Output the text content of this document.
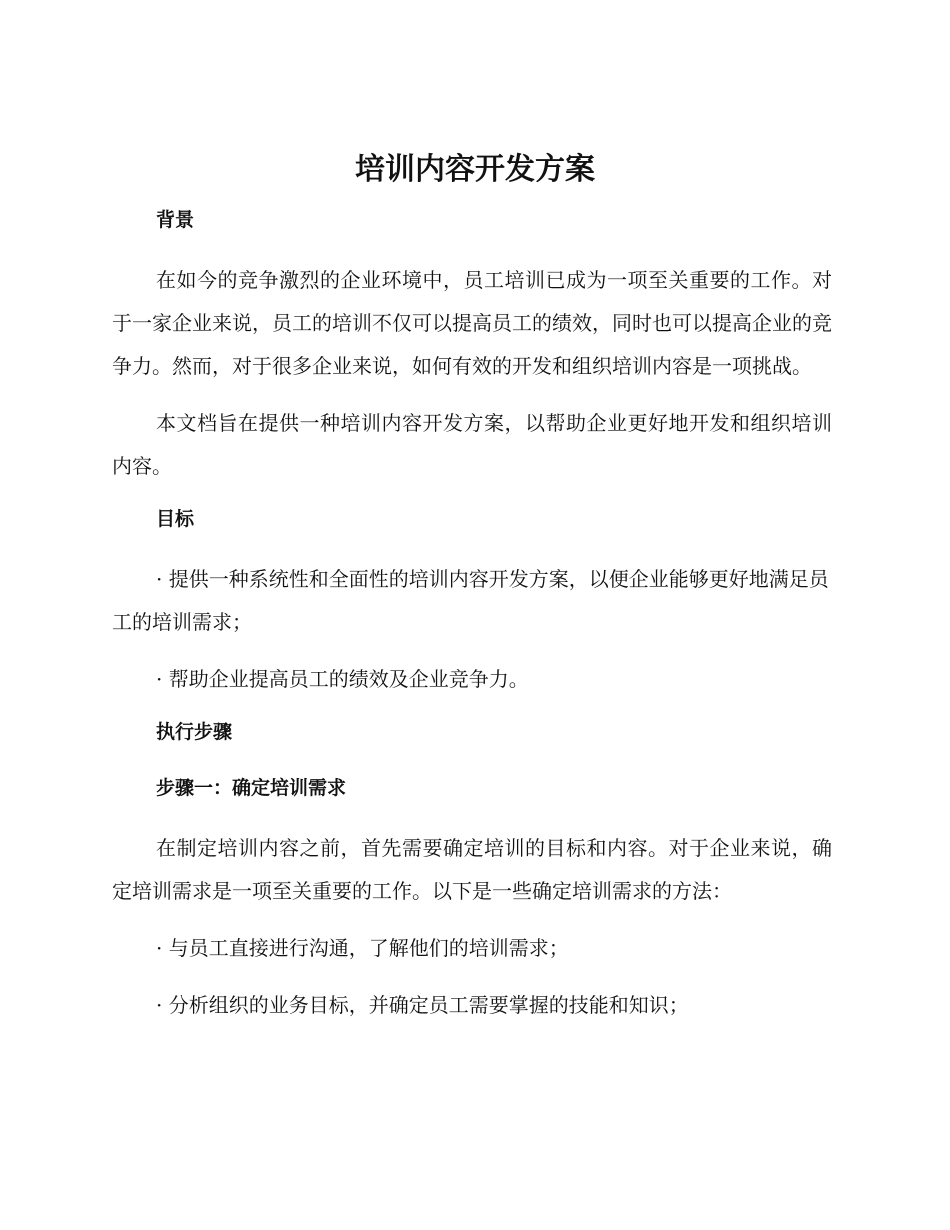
培训内容开发方案
背景

在如今的竞争激烈的企业环境中，员工培训已成为一项至关重要的工作。对于一家企业来说，员工的培训不仅可以提高员工的绩效，同时也可以提高企业的竞争力。然而，对于很多企业来说，如何有效的开发和组织培训内容是一项挑战。

本文档旨在提供一种培训内容开发方案，以帮助企业更好地开发和组织培训内容。

目标

· 提供一种系统性和全面性的培训内容开发方案，以便企业能够更好地满足员工的培训需求；

· 帮助企业提高员工的绩效及企业竞争力。

执行步骤
步骤一：确定培训需求

在制定培训内容之前，首先需要确定培训的目标和内容。对于企业来说，确定培训需求是一项至关重要的工作。以下是一些确定培训需求的方法：

· 与员工直接进行沟通，了解他们的培训需求；

· 分析组织的业务目标，并确定员工需要掌握的技能和知识；
